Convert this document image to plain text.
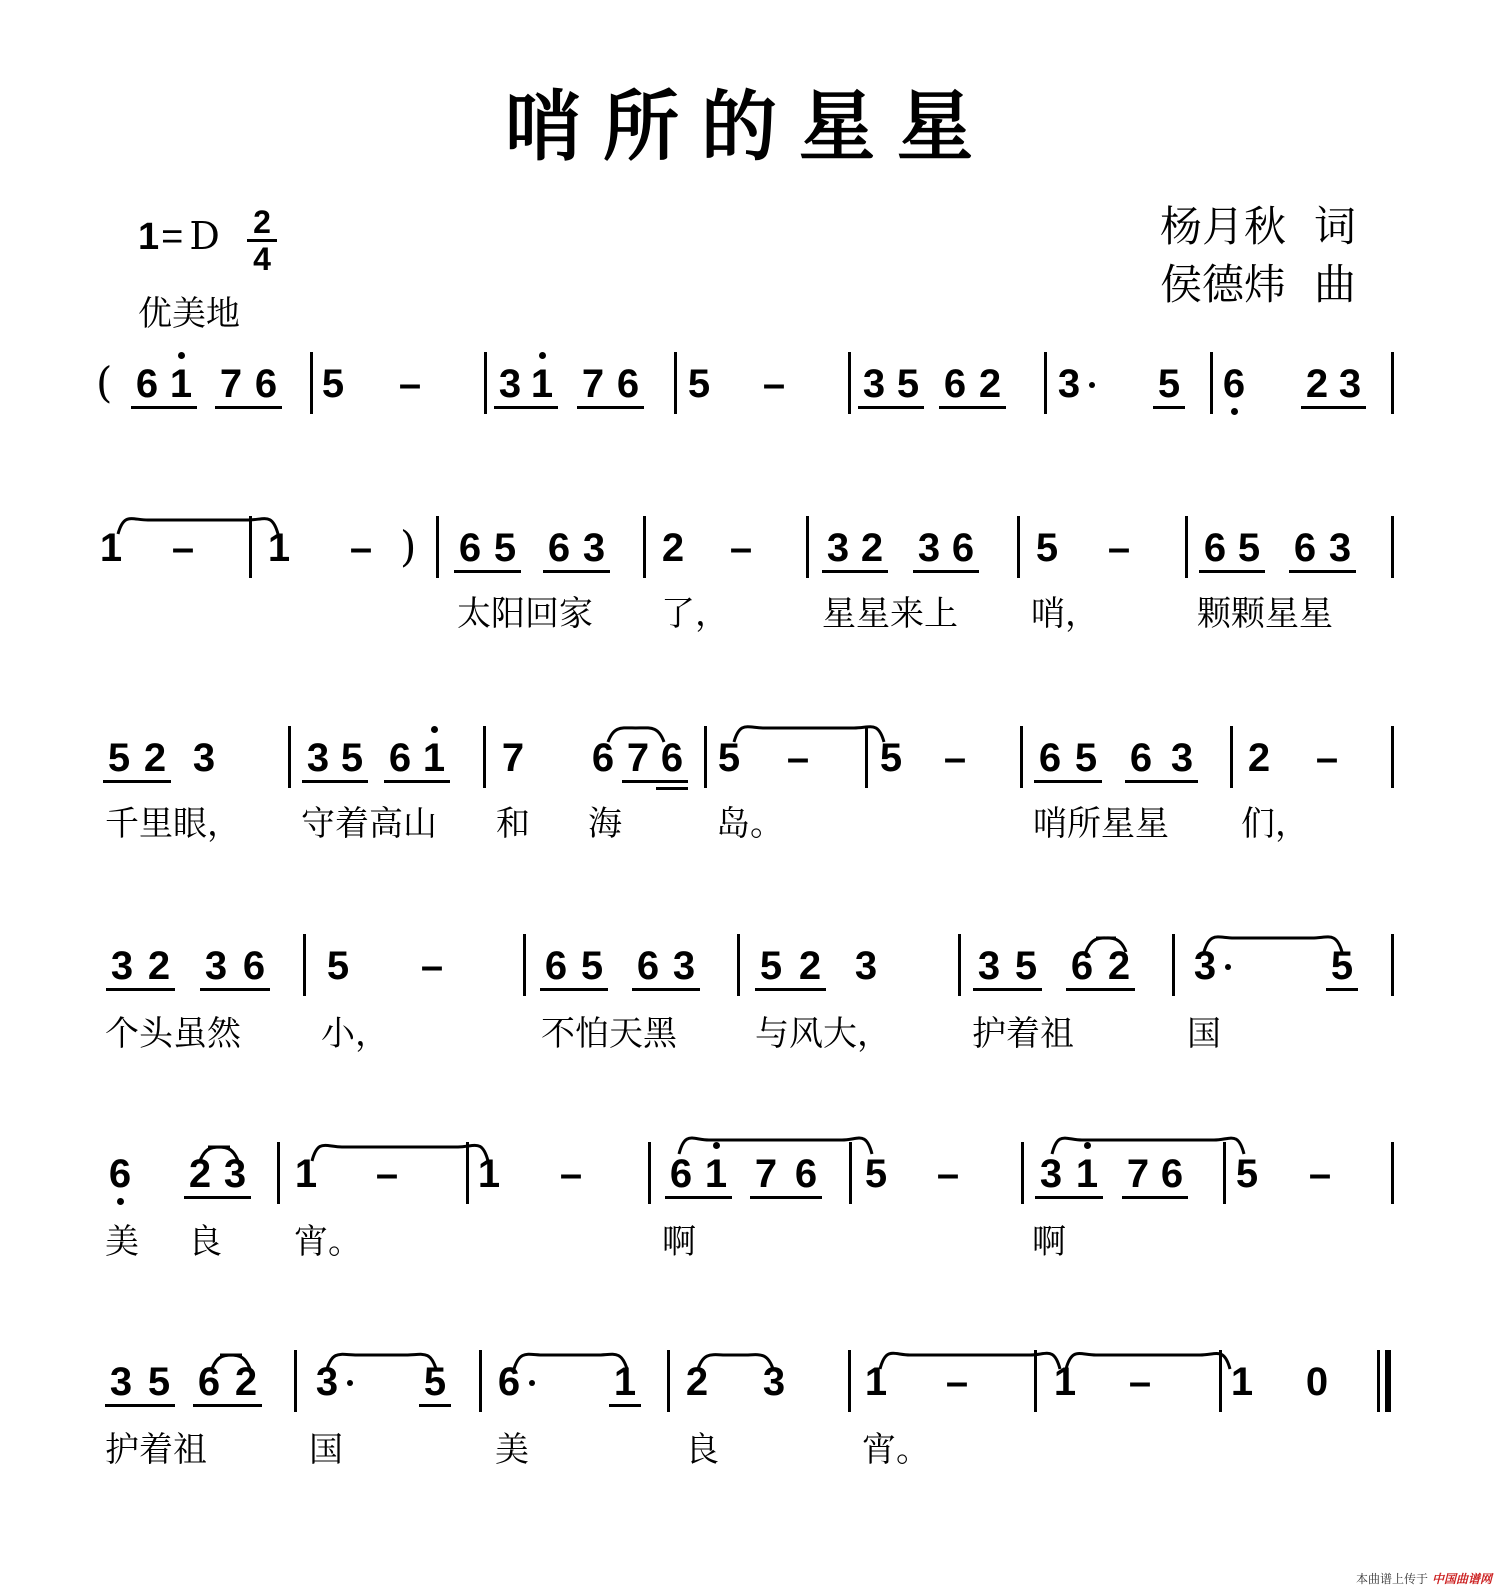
哨所的星星
杨月秋 词
侯德炜 曲
1= D 2
4
优美地
( 6 1 7 6 5 – 3 1 7 6 5 – 3 5 6 2 3 5 6 2 3
1 – 1 – ) 6 5 6 3 2 – 3 2 3 6 5 – 6 5 6 3
太阳回家 了，	星星来上 哨，	颗颗星星
5 2 3 3 5 6 1 7 6 7 6 5 – 5 – 6 5 6 3 2 –
千里眼， 守着高山 和 海	岛。	哨所星星 们，
3 2 3 6 5 –	6 5 6 3 5 2 3	3 5 6 2 3	5
个头虽然 小，	不怕天黑 与风大， 护着祖	国
6 2 3 1 – 1 – 6 1 7 6 5 – 3 1 7 6 5 –
美 良 宵。	啊	啊
3 5 6 2 3 5 6 1 2 3 1 – 1 – 1 0
护着祖	国	美	良	宵。
本曲谱上传于 中国曲谱网
